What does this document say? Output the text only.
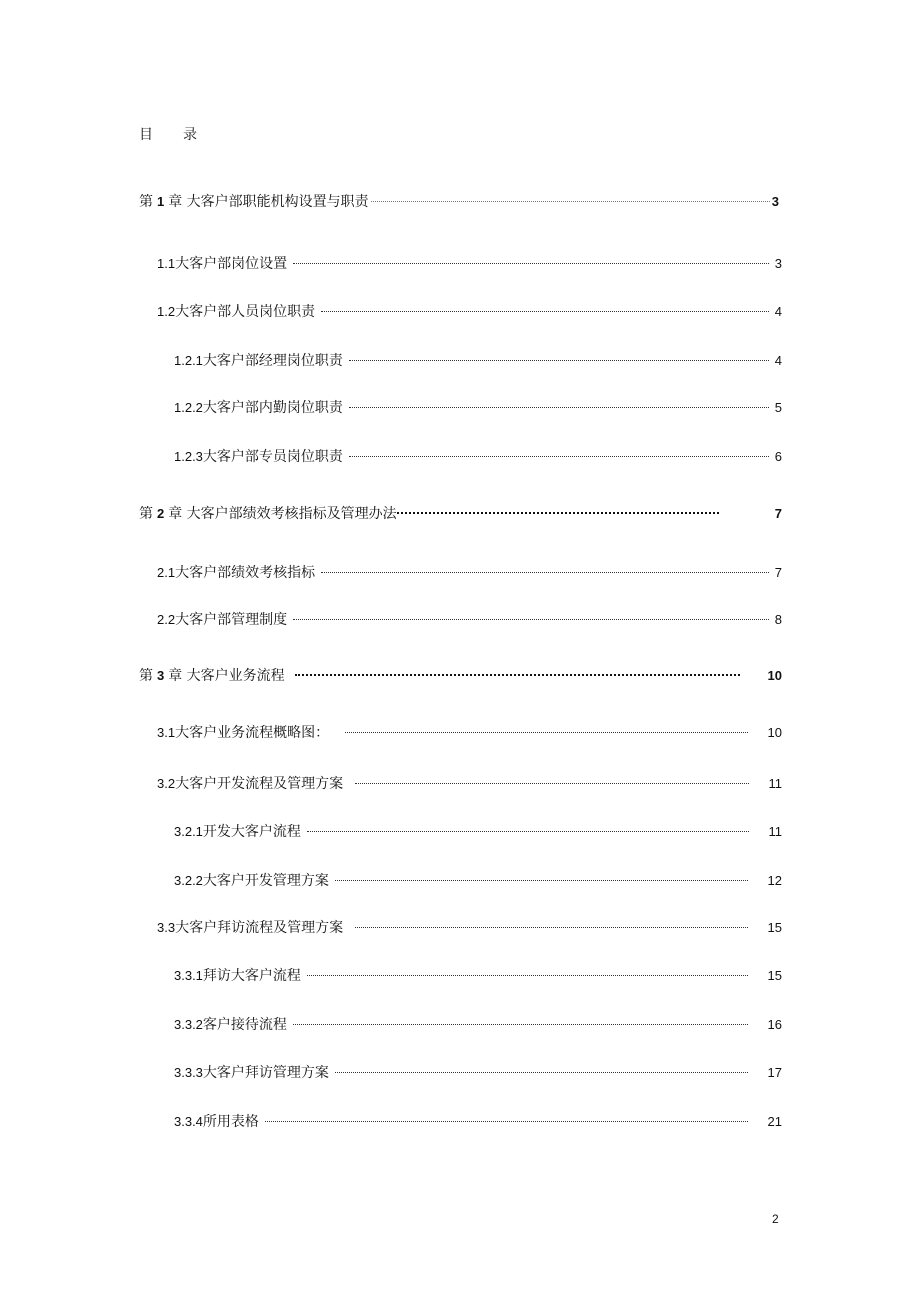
目 录
第 1 章 大客户部职能机构设置与职责	3
1.1 大客户部岗位设置	3
1.2 大客户部人员岗位职责	4
1.2.1 大客户部经理岗位职责	4
1.2.2 大客户部内勤岗位职责	5
1.2.3 大客户部专员岗位职责	6
第 2 章 大客户部绩效考核指标及管理办法	7
2.1 大客户部绩效考核指标	7
2.2 大客户部管理制度	8
第 3 章 大客户业务流程	10
3.1 大客户业务流程概略图：	10
3.2 大客户开发流程及管理方案	11
3.2.1 开发大客户流程	11
3.2.2 大客户开发管理方案	12
3.3 大客户拜访流程及管理方案	15
3.3.1 拜访大客户流程	15
3.3.2 客户接待流程	16
3.3.3 大客户拜访管理方案	17
3.3.4 所用表格	21
2
